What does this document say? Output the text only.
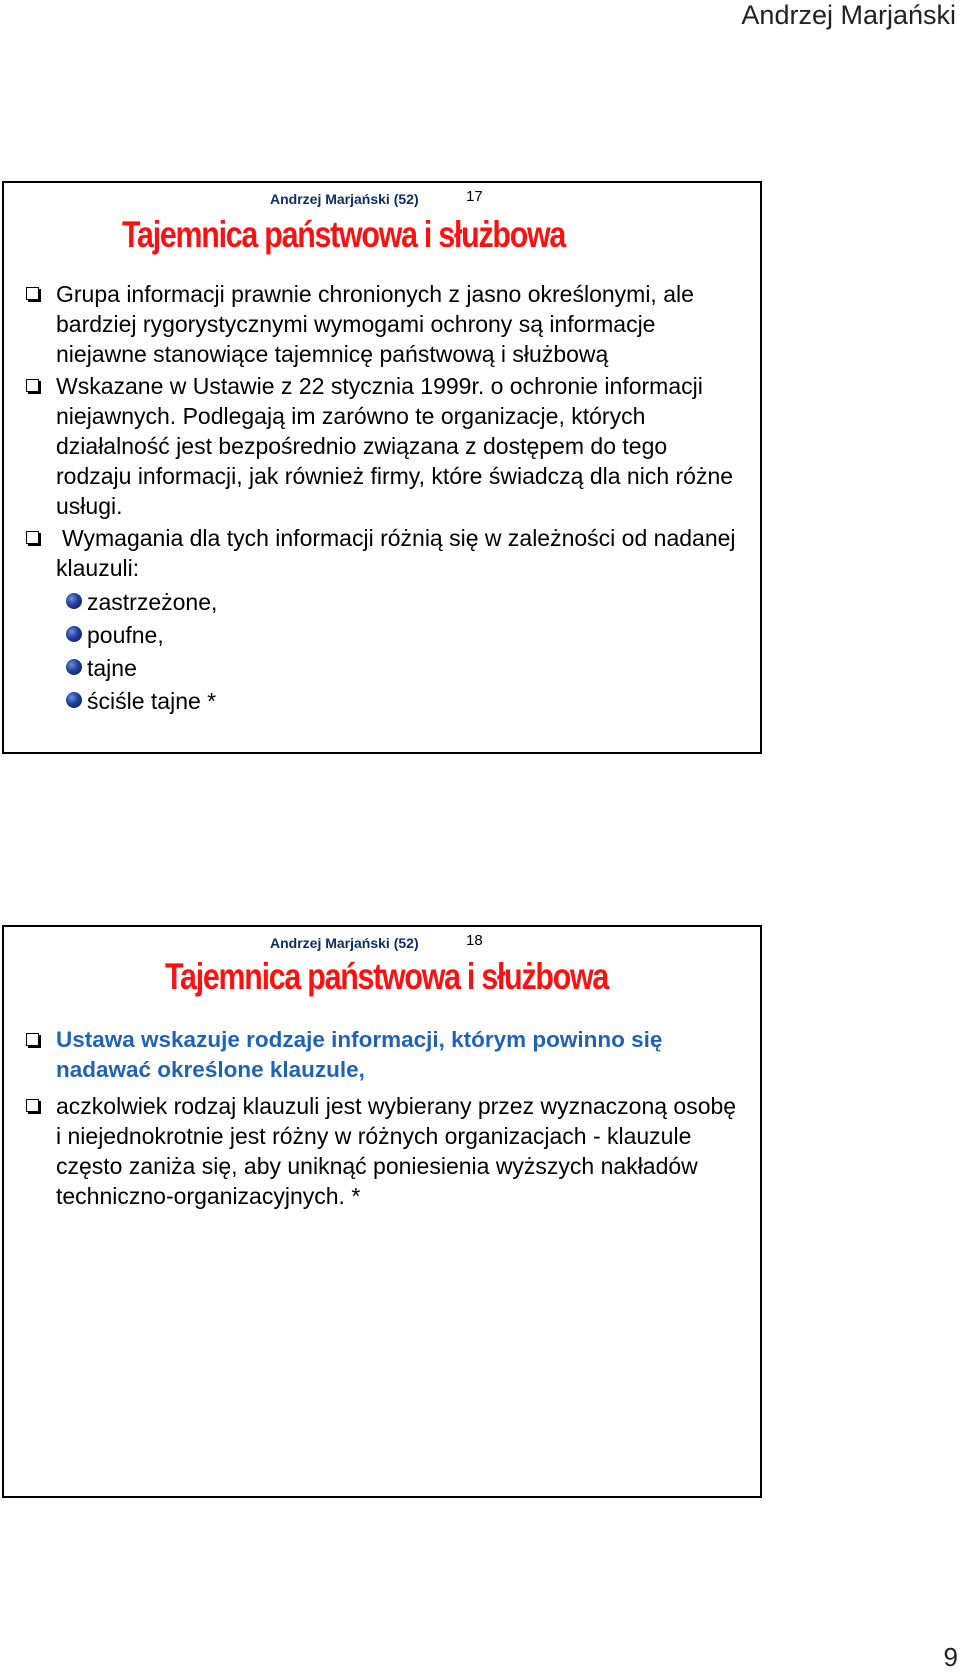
Andrzej Marjański
Andrzej Marjański (52)	17
Tajemnica państwowa i służbowa
Grupa informacji prawnie chronionych z jasno określonymi, ale bardziej rygorystycznymi wymogami ochrony są informacje niejawne stanowiące tajemnicę państwową i służbową
Wskazane w Ustawie z 22 stycznia 1999r. o ochronie informacji niejawnych. Podlegają im zarówno te organizacje, których działalność jest bezpośrednio związana z dostępem do tego rodzaju informacji, jak również firmy, które świadczą dla nich różne usługi.
Wymagania dla tych informacji różnią się w zależności od nadanej klauzuli:
zastrzeżone,
poufne,
tajne
ściśle tajne *
Andrzej Marjański (52)	18
Tajemnica państwowa i służbowa
Ustawa wskazuje rodzaje informacji, którym powinno się nadawać określone klauzule,
aczkolwiek rodzaj klauzuli jest wybierany przez wyznaczoną osobę i niejednokrotnie jest różny w różnych organizacjach - klauzule często zaniża się, aby uniknąć poniesienia wyższych nakładów techniczno-organizacyjnych. *
9
